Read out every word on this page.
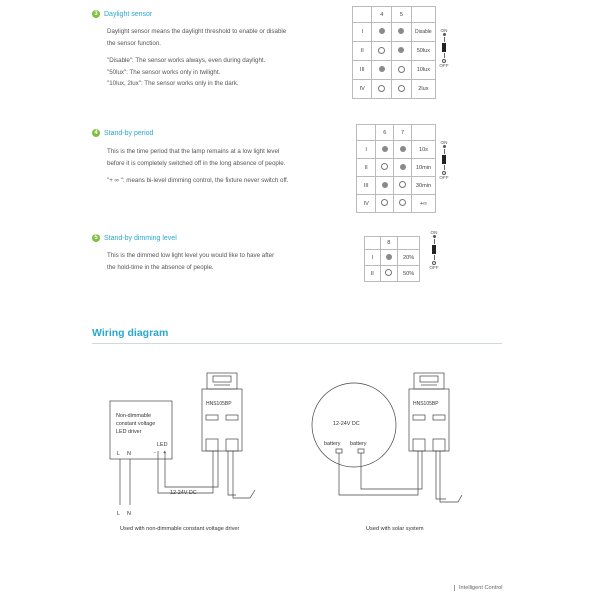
3 Daylight sensor
Daylight sensor means the daylight threshold to enable or disable
the sensor function.
"Disable": The sensor works always, even during daylight.
"50lux": The sensor works only in twilight.
"10lux, 2lux": The sensor works only in the dark.
	4	5	
I			Disable
II			50lux
III			10lux
IV			2lux
ON
OFF
4 Stand-by period
This is the time period that the lamp remains at a low light level
before it is completely switched off in the long absence of people.
"+ ∞ ": means bi-level dimming control, the fixture never switch off.
	6	7	
I			10s
II			10min
III			30min
IV			+∞
ON
OFF
5 Stand-by dimming level
This is the dimmed low light level you would like to have after
the hold-time in the absence of people.
	8	
I		20%
II		50%
ON
OFF
Wiring diagram
Non-dimmable
constant voltage
LED driver
LED
- +
L N
L N
12-24V DC
HNS105BP
12-24V DC
battery battery
HNS105BP
Used with non-dimmable constant voltage driver	Used with solar system
Intelligent Control
